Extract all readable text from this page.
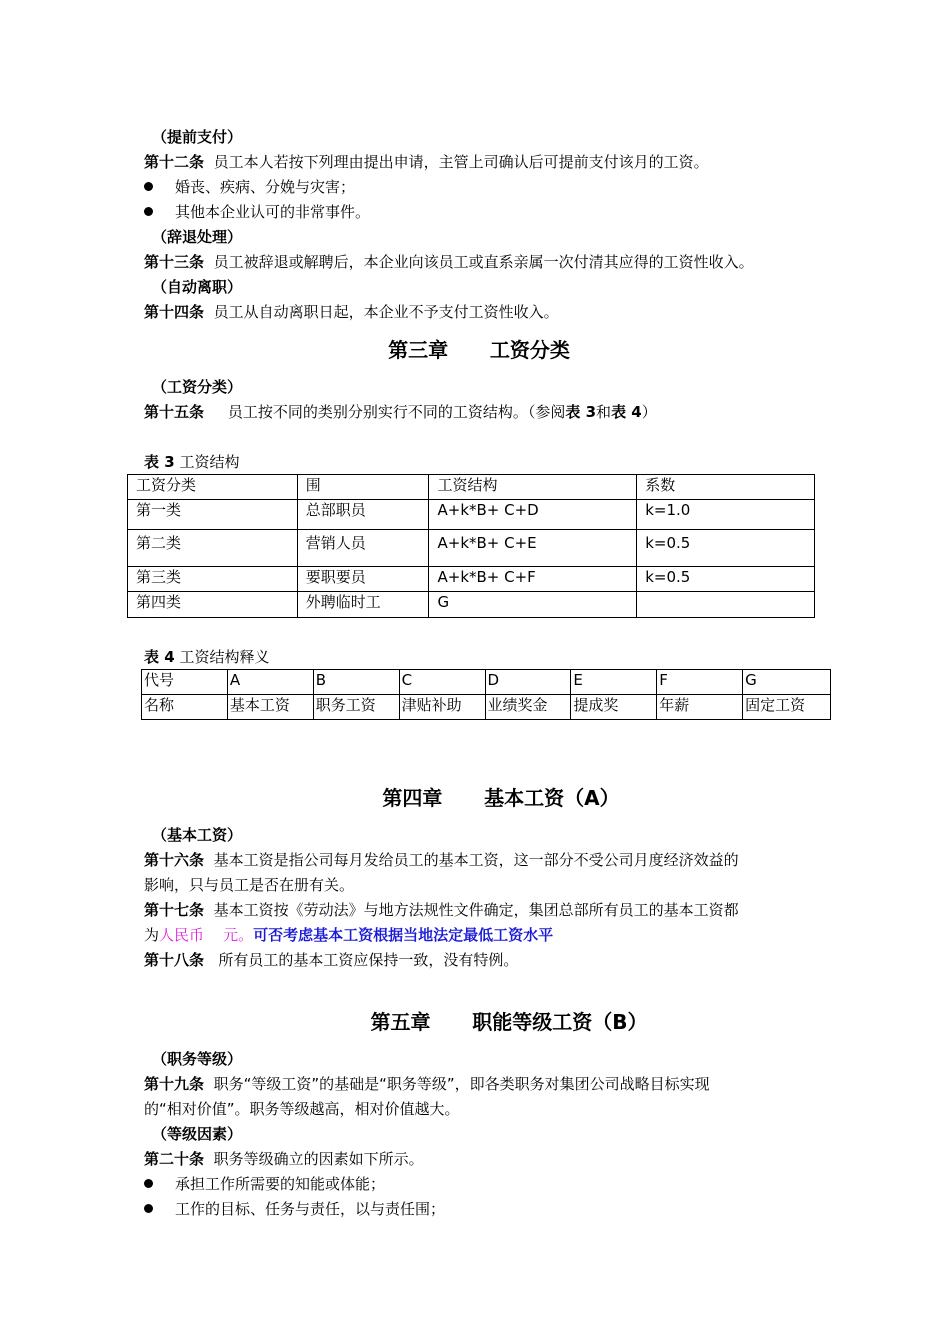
（提前支付）
第十二条 员工本人若按下列理由提出申请，主管上司确认后可提前支付该月的工资。
婚丧、疾病、分娩与灾害；
其他本企业认可的非常事件。
（辞退处理）
第十三条 员工被辞退或解聘后，本企业向该员工或直系亲属一次付清其应得的工资性收入。
（自动离职）
第十四条 员工从自动离职日起，本企业不予支付工资性收入。
第三章      工资分类
（工资分类）
第十五条 员工按不同的类别分别实行不同的工资结构。（参阅表 3和表 4）
表 3 工资结构
工资分类	围	工资结构	系数
第一类	总部职员	A+k*B+ C+D	k=1.0
第二类	营销人员	A+k*B+ C+E	k=0.5
第三类	要职要员	A+k*B+ C+F	k=0.5
第四类	外聘临时工	G	
表 4 工资结构释义
代号	A	B	C	D	E	F	G
名称	基本工资	职务工资	津贴补助	业绩奖金	提成奖	年薪	固定工资
第四章      基本工资（A）
（基本工资）
第十六条 基本工资是指公司每月发给员工的基本工资，这一部分不受公司月度经济效益的
影响，只与员工是否在册有关。
第十七条 基本工资按《劳动法》与地方法规性文件确定，集团总部所有员工的基本工资都
为人民币    元。可否考虑基本工资根据当地法定最低工资水平
第十八条 所有员工的基本工资应保持一致，没有特例。
第五章      职能等级工资（B）
（职务等级）
第十九条 职务“等级工资”的基础是“职务等级”，即各类职务对集团公司战略目标实现
的“相对价值”。职务等级越高，相对价值越大。
（等级因素）
第二十条 职务等级确立的因素如下所示。
承担工作所需要的知能或体能；
工作的目标、任务与责任，以与责任围；
